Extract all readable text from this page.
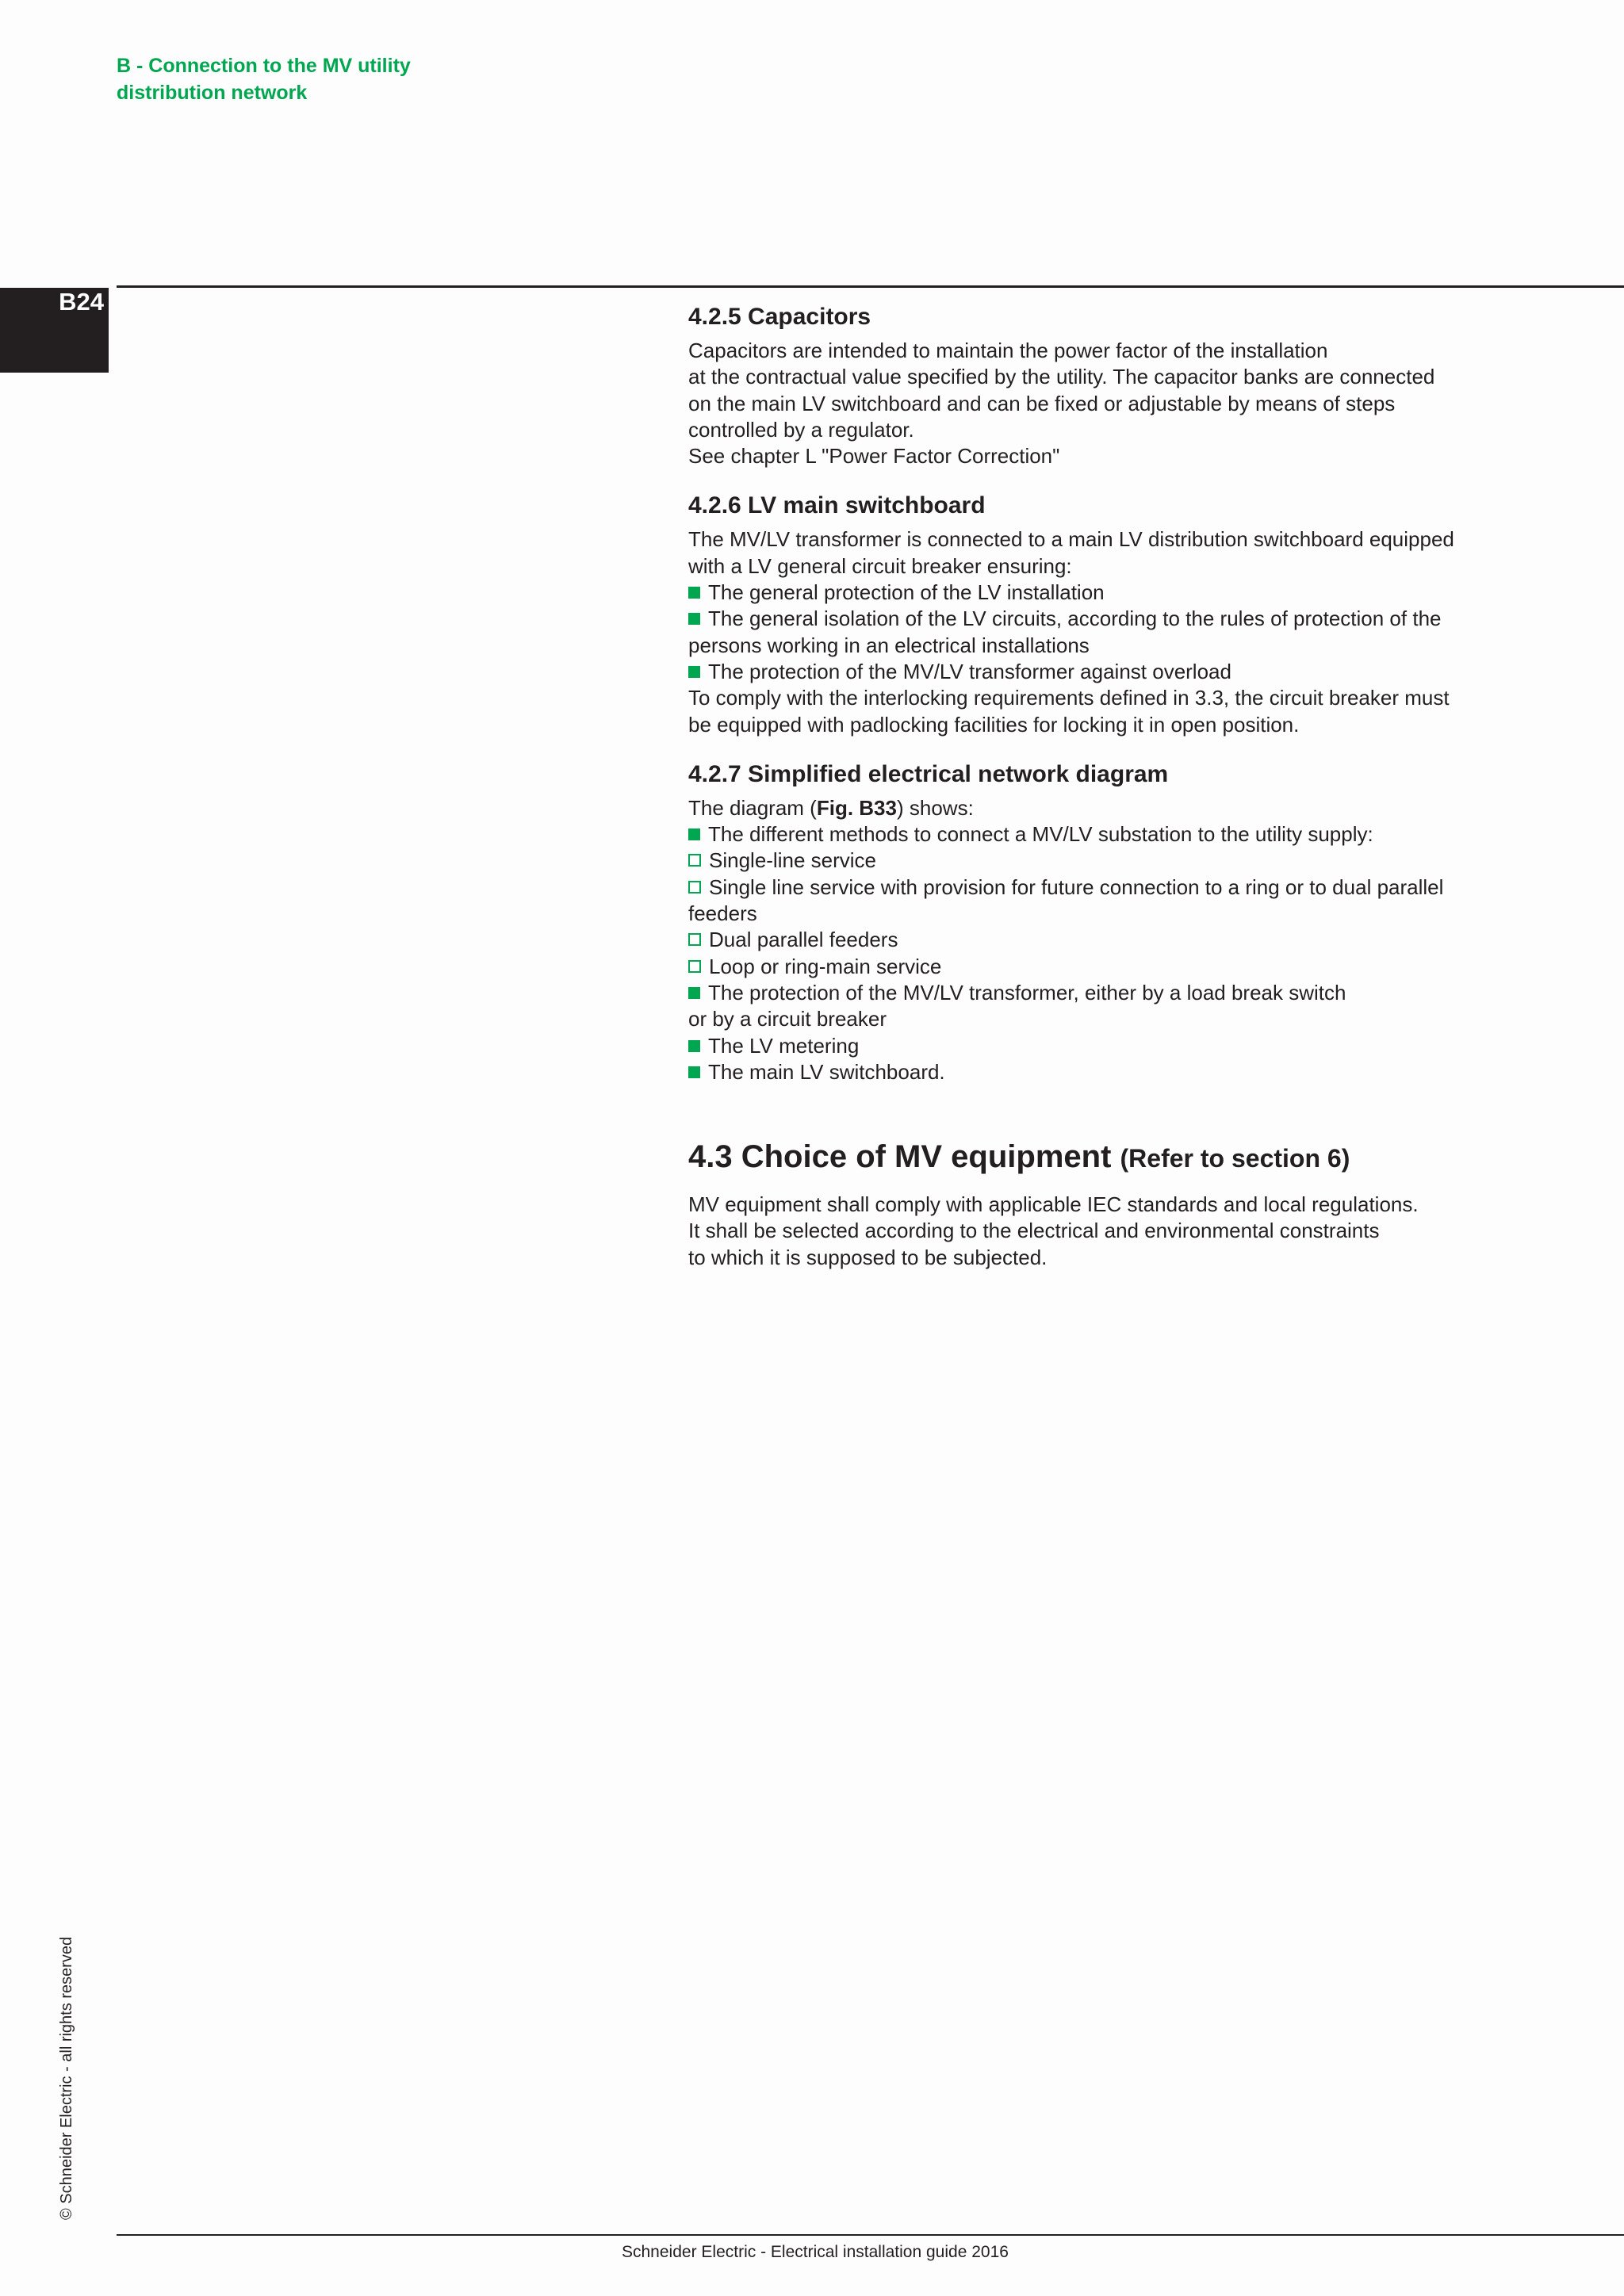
B - Connection to the MV utility
distribution network
B24
4.2.5 Capacitors

Capacitors are intended to maintain the power factor of the installation

at the contractual value specified by the utility. The capacitor banks are connected

on the main LV switchboard and can be fixed or adjustable by means of steps

controlled by a regulator.

See chapter L "Power Factor Correction"

4.2.6 LV main switchboard

The MV/LV transformer is connected to a main LV distribution switchboard equipped

with a LV general circuit breaker ensuring:

The general protection of the LV installation

The general isolation of the LV circuits, according to the rules of protection of the

persons working in an electrical installations

The protection of the MV/LV transformer against overload

To comply with the interlocking requirements defined in 3.3, the circuit breaker must

be equipped with padlocking facilities for locking it in open position.

4.2.7 Simplified electrical network diagram

The diagram (Fig. B33) shows:

The different methods to connect a MV/LV substation to the utility supply:

Single-line service

Single line service with provision for future connection to a ring or to dual parallel

feeders

Dual parallel feeders

Loop or ring-main service

The protection of the MV/LV transformer, either by a load break switch

or by a circuit breaker

The LV metering

The main LV switchboard.

4.3 Choice of MV equipment (Refer to section 6)

MV equipment shall comply with applicable IEC standards and local regulations.

It shall be selected according to the electrical and environmental constraints

to which it is supposed to be subjected.

© Schneider Electric - all rights reserved
Schneider Electric - Electrical installation guide 2016
